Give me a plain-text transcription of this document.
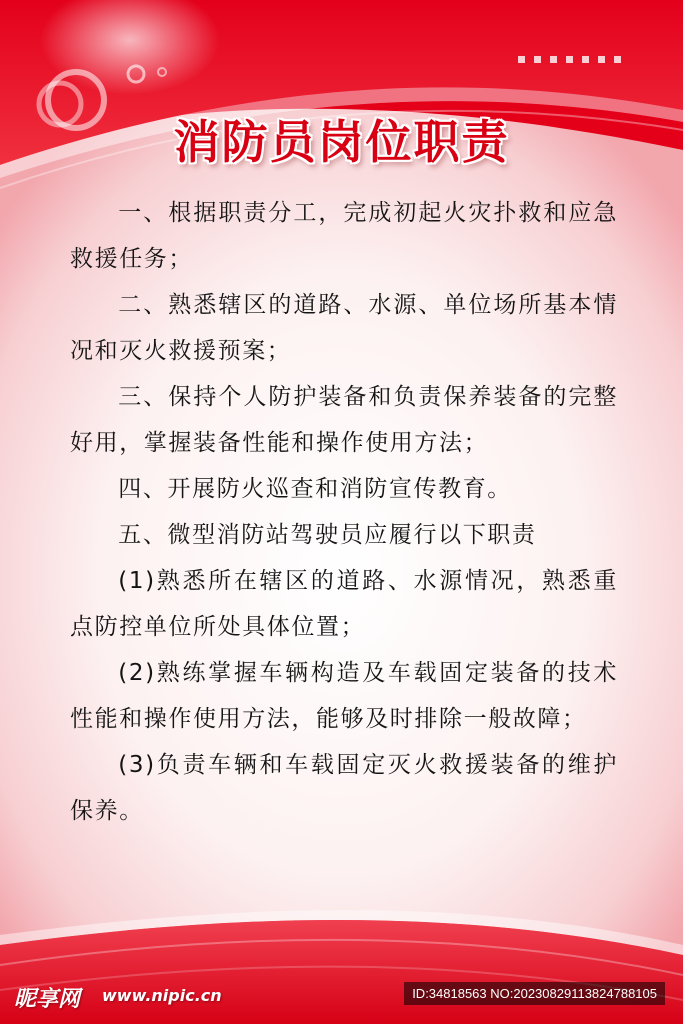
消防员岗位职责

一、根据职责分工，完成初起火灾扑救和应急救援任务；

二、熟悉辖区的道路、水源、单位场所基本情况和灭火救援预案；

三、保持个人防护装备和负责保养装备的完整好用，掌握装备性能和操作使用方法；

四、开展防火巡查和消防宣传教育。

五、微型消防站驾驶员应履行以下职责

(1)熟悉所在辖区的道路、水源情况，熟悉重点防控单位所处具体位置；

(2)熟练掌握车辆构造及车载固定装备的技术性能和操作使用方法，能够及时排除一般故障；

(3)负责车辆和车载固定灭火救援装备的维护保养。

昵享网 www.nipic.cn	ID:34818563 NO:20230829113824788105
